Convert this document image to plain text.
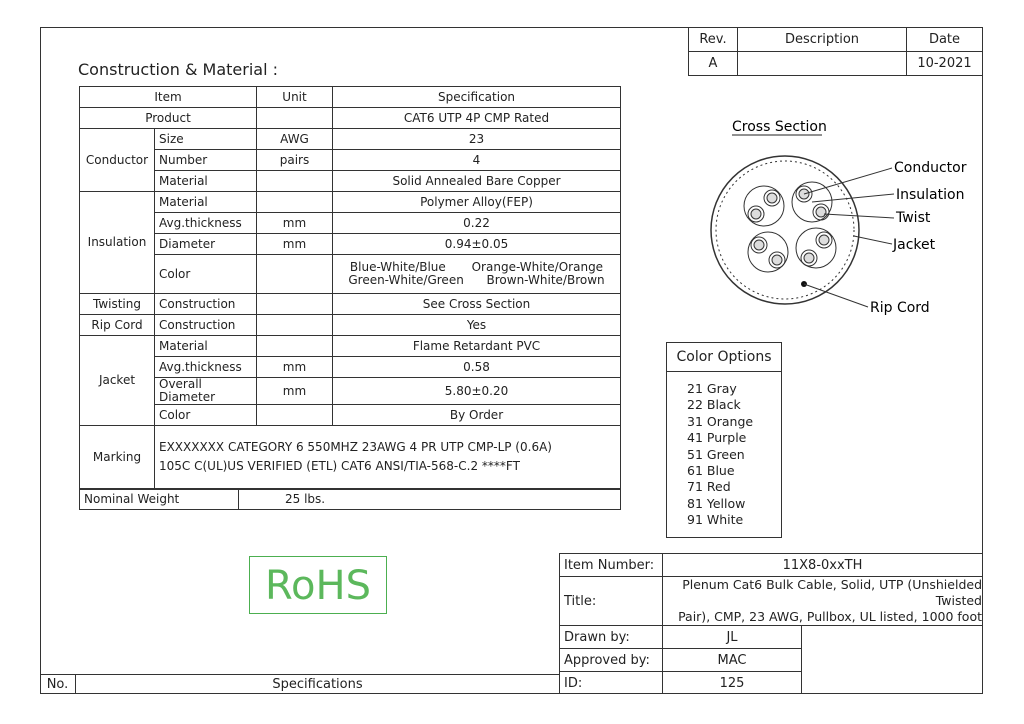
Rev.	Description	Date
A		10-2021
Construction & Material :
Item		Unit	Specification
Product			CAT6 UTP 4P CMP Rated
Conductor	Size	AWG	23
	Number	pairs	4
	Material		Solid Annealed Bare Copper
Insulation	Material		Polymer Alloy(FEP)
	Avg.thickness	mm	0.22
	Diameter	mm	0.94±0.05
	Color		Blue-White/Blue Orange-White/Orange
Green-White/Green Brown-White/Brown

Twisting	Construction		See Cross Section
Rip Cord	Construction		Yes
Jacket	Material		Flame Retardant PVC
	Avg.thickness	mm	0.58
	Overall Diameter	mm	5.80±0.20
	Color		By Order
Marking	EXXXXXXX CATEGORY 6 550MHZ 23AWG 4 PR UTP CMP-LP (0.6A)
105C C(UL)US VERIFIED (ETL) CAT6 ANSI/TIA-568-C.2 ****FT		
Nominal Weight	25 lbs.
Cross Section
Conductor
Insulation
Twist
Jacket
Rip Cord
Color Options
21 Gray
22 Black
31 Orange
41 Purple
51 Green
61 Blue
71 Red
81 Yellow
91 White
RoHS	Item Number:	11X8-0xxTH	
Title:	Plenum Cat6 Bulk Cable, Solid, UTP (Unshielded Twisted
Pair), CMP, 23 AWG, Pullbox, UL listed, 1000 foot	

Drawn by:	JL	
Approved by:	MAC	
ID:	125	
No.	Specifications
